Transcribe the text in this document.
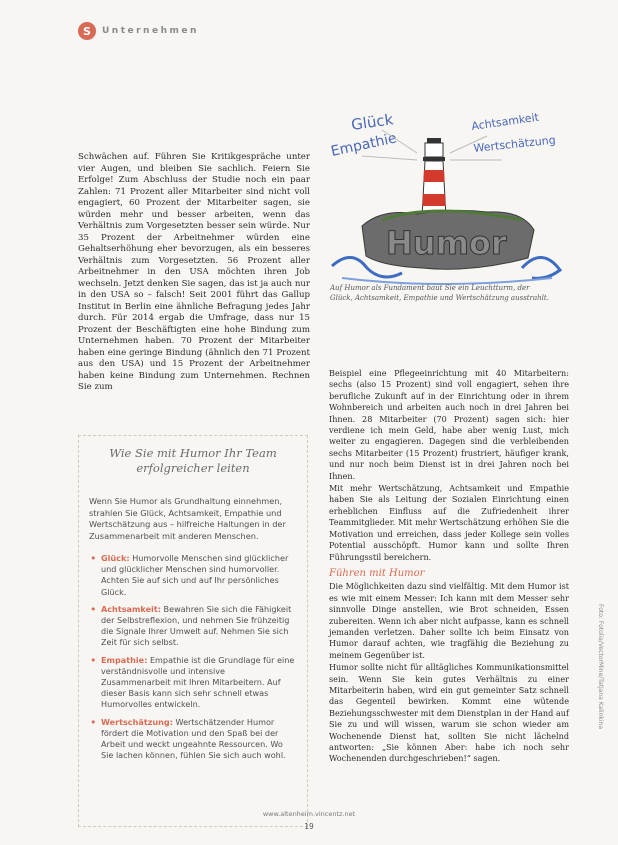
S	Unternehmen

Schwächen auf. Führen Sie Kritikgespräche unter vier Augen, und bleiben Sie sachlich. Feiern Sie Erfolge! Zum Abschluss der Studie noch ein paar Zahlen: 71 Prozent aller Mitarbeiter sind nicht voll engagiert, 60 Prozent der Mitarbeiter sagen, sie würden mehr und besser arbeiten, wenn das Verhältnis zum Vorgesetzten besser sein würde. Nur 35 Prozent der Arbeitnehmer würden eine Gehaltserhöhung eher bevorzugen, als ein besseres Verhältnis zum Vorgesetzten. 56 Prozent aller Arbeitnehmer in den USA möchten ihren Job wechseln. Jetzt denken Sie sagen, das ist ja auch nur in den USA so – falsch! Seit 2001 führt das Gallup Institut in Berlin eine ähnliche Befragung jedes Jahr durch. Für 2014 ergab die Umfrage, dass nur 15 Prozent der Beschäftigten eine hohe Bindung zum Unternehmen haben. 70 Prozent der Mitarbeiter haben eine geringe Bindung (ähnlich den 71 Prozent aus den USA) und 15 Prozent der Arbeitnehmer haben keine Bindung zum Unternehmen. Rechnen Sie zum

Glück
Empathie
Achtsamkeit
Wertschätzung
Humor
Auf Humor als Fundament baut Sie ein Leuchtturm, der Glück, Achtsamkeit, Empathie und Wertschätzung ausstrahlt.
Wie Sie mit Humor Ihr Team erfolgreicher leiten

Wenn Sie Humor als Grundhaltung einnehmen, strahlen Sie Glück, Achtsamkeit, Empathie und Wertschätzung aus – hilfreiche Haltungen in der Zusammenarbeit mit anderen Menschen.

• Glück: Humorvolle Menschen sind glücklicher und glücklicher Menschen sind humorvoller. Achten Sie auf sich und auf Ihr persönliches Glück.
• Achtsamkeit: Bewahren Sie sich die Fähigkeit der Selbstreflexion, und nehmen Sie frühzeitig die Signale Ihrer Umwelt auf. Nehmen Sie sich Zeit für sich selbst.
• Empathie: Empathie ist die Grundlage für eine verständnisvolle und intensive Zusammenarbeit mit Ihren Mitarbeitern. Auf dieser Basis kann sich sehr schnell etwas Humorvolles entwickeln.
• Wertschätzung: Wertschätzender Humor fördert die Motivation und den Spaß bei der Arbeit und weckt ungeahnte Ressourcen. Wo Sie lachen können, fühlen Sie sich auch wohl.

Beispiel eine Pflegeeinrichtung mit 40 Mitarbeitern: sechs (also 15 Prozent) sind voll engagiert, sehen ihre berufliche Zukunft auf in der Einrichtung oder in ihrem Wohnbereich und arbeiten auch noch in drei Jahren bei Ihnen. 28 Mitarbeiter (70 Prozent) sagen sich: hier verdiene ich mein Geld, habe aber wenig Lust, mich weiter zu engagieren. Dagegen sind die verbleibenden sechs Mitarbeiter (15 Prozent) frustriert, häufiger krank, und nur noch beim Dienst ist in drei Jahren noch bei Ihnen.

Mit mehr Wertschätzung, Achtsamkeit und Empathie haben Sie als Leitung der Sozialen Einrichtung einen erheblichen Einfluss auf die Zufriedenheit ihrer Teammitglieder. Mit mehr Wertschätzung erhöhen Sie die Motivation und erreichen, dass jeder Kollege sein volles Potential ausschöpft. Humor kann und sollte Ihren Führungsstil bereichern.

Führen mit Humor

Die Möglichkeiten dazu sind vielfältig. Mit dem Humor ist es wie mit einem Messer: Ich kann mit dem Messer sehr sinnvolle Dinge anstellen, wie Brot schneiden, Essen zubereiten. Wenn ich aber nicht aufpasse, kann es schnell jemanden verletzen. Daher sollte ich beim Einsatz von Humor darauf achten, wie tragfähig die Beziehung zu meinem Gegenüber ist.

Humor sollte nicht für alltägliches Kommunikationsmittel sein. Wenn Sie kein gutes Verhältnis zu einer Mitarbeiterin haben, wird ein gut gemeinter Satz schnell das Gegenteil bewirken. Kommt eine wütende Beziehungsschwester mit dem Dienstplan in der Hand auf Sie zu und will wissen, warum sie schon wieder am Wochenende Dienst hat, sollten Sie nicht lächelnd antworten: „Sie können Aber: habe ich noch sehr Wochenenden durchgeschrieben!“ sagen.

Foto: Fotolia/VectorMine/Tatjana Kalinkina
www.altenheim.vincentz.net
19
